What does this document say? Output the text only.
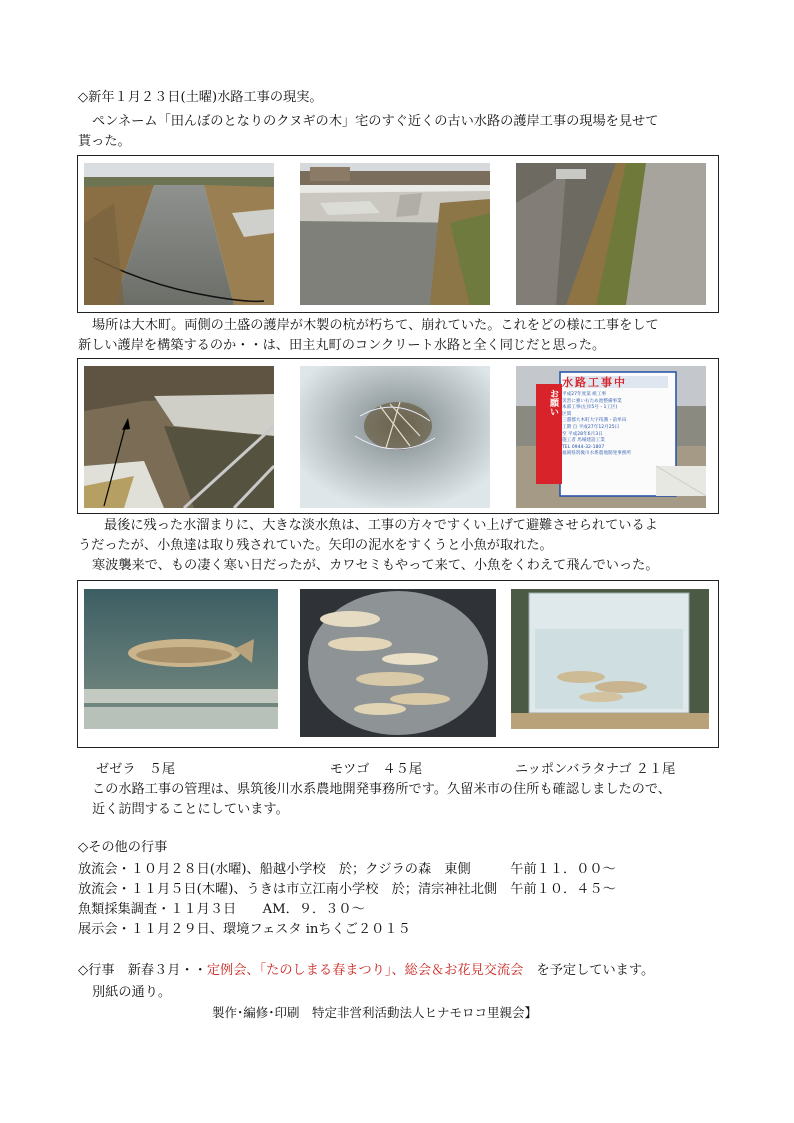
◇新年１月２３日(土曜)水路工事の現実。
ペンネーム「田んぼのとなりのクヌギの木」宅のすぐ近くの古い水路の護岸工事の現場を見せて
貰った。
場所は大木町。両側の土盛の護岸が木製の杭が朽ちて、崩れていた。これをどの様に工事をして
新しい護岸を構築するのか・・は、田主丸町のコンクリート水路と全く同じだと思った。
水路工事中
平成27年度第 組工事
災害に強い右ため池整備事業
本部工事(左岸5号・1工区)
区間
三潴郡大木町大字筏溝・前牟田
工期 自 平成27年12月25日
至 平成28年6月3日
施工者 馬場建設工業
TEL 0944-32-1807
福岡県筑後川水系農地開発事務所
お願い
最後に残った水溜まりに、大きな淡水魚は、工事の方々ですくい上げて避難させられているよ
うだったが、小魚達は取り残されていた。矢印の泥水をすくうと小魚が取れた。
寒波襲来で、もの凄く寒い日だったが、カワセミもやって来て、小魚をくわえて飛んでいった。
ゼゼラ　５尾	モツゴ　４５尾	ニッポンバラタナゴ ２１尾
この水路工事の管理は、県筑後川水系農地開発事務所です。久留米市の住所も確認しましたので、
近く訪問することにしています。
◇その他の行事
放流会・１０月２８日(水曜)、船越小学校　於；クジラの森　東側　　　午前１１．００～
放流会・１１月５日(木曜)、うきは市立江南小学校　於；清宗神社北側　午前１０．４５～
魚類採集調査・１１月３日　　AM．９．３０～
展示会・１１月２９日、環境フェスタ inちくご２０１５
◇行事　新春３月・・定例会、｢たのしまる春まつり｣、総会＆お花見交流会　を予定しています。
別紙の通り。
製作･編修･印刷　特定非営利活動法人ヒナモロコ里親会】
